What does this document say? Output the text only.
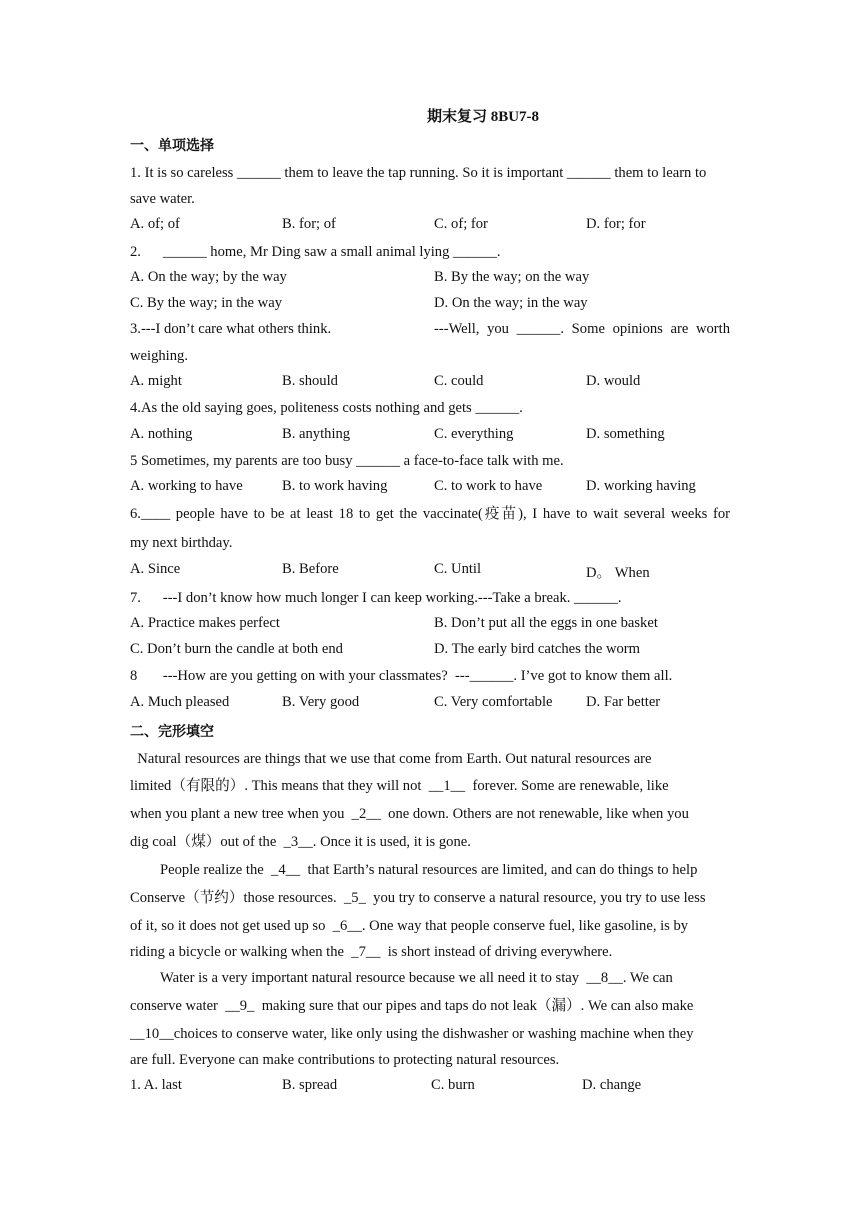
期末复习 8BU7-8
一、单项选择
1. It is so careless ______ them to leave the tap running. So it is important ______ them to learn to
save water.
A. of; of	B. for; of	C. of; for	D. for; for
2.      ______ home, Mr Ding saw a small animal lying ______.
A. On the way; by the way	B. By the way; on the way
C. By the way; in the way	D. On the way; in the way
3.---I don’t care what others think.	---Well, you ______. Some opinions are worth
weighing.
A. might	B. should	C. could	D. would
4.As the old saying goes, politeness costs nothing and gets ______.
A. nothing	B. anything	C. everything	D. something
5 Sometimes, my parents are too busy ______ a face-to-face talk with me.
A. working to have	B. to work having	C. to work to have	D. working having
6.____ people have to be at least 18 to get the vaccinate(疫苗), I have to wait several weeks for
my next birthday.
A. Since	B. Before	C. Until	D。 When
7.      ---I don’t know how much longer I can keep working.---Take a break. ______.
A. Practice makes perfect	B. Don’t put all the eggs in one basket
C. Don’t burn the candle at both end	D. The early bird catches the worm
8       ---How are you getting on with your classmates?  ---______. I’ve got to know them all.
A. Much pleased	B. Very good	C. Very comfortable D. Far better
二、完形填空
Natural resources are things that we use that come from Earth. Out natural resources are
limited（有限的）. This means that they will not  __1__  forever. Some are renewable, like
when you plant a new tree when you  _2__  one down. Others are not renewable, like when you
dig coal（煤）out of the  _3__. Once it is used, it is gone.
People realize the  _4__  that Earth’s natural resources are limited, and can do things to help
Conserve（节约）those resources.  _5_  you try to conserve a natural resource, you try to use less
of it, so it does not get used up so  _6__. One way that people conserve fuel, like gasoline, is by
riding a bicycle or walking when the  _7__  is short instead of driving everywhere.
Water is a very important natural resource because we all need it to stay  __8__. We can
conserve water  __9_  making sure that our pipes and taps do not leak（漏）. We can also make
__10__choices to conserve water, like only using the dishwasher or washing machine when they
are full. Everyone can make contributions to protecting natural resources.
1. A. last	B. spread	C. burn	D. change
